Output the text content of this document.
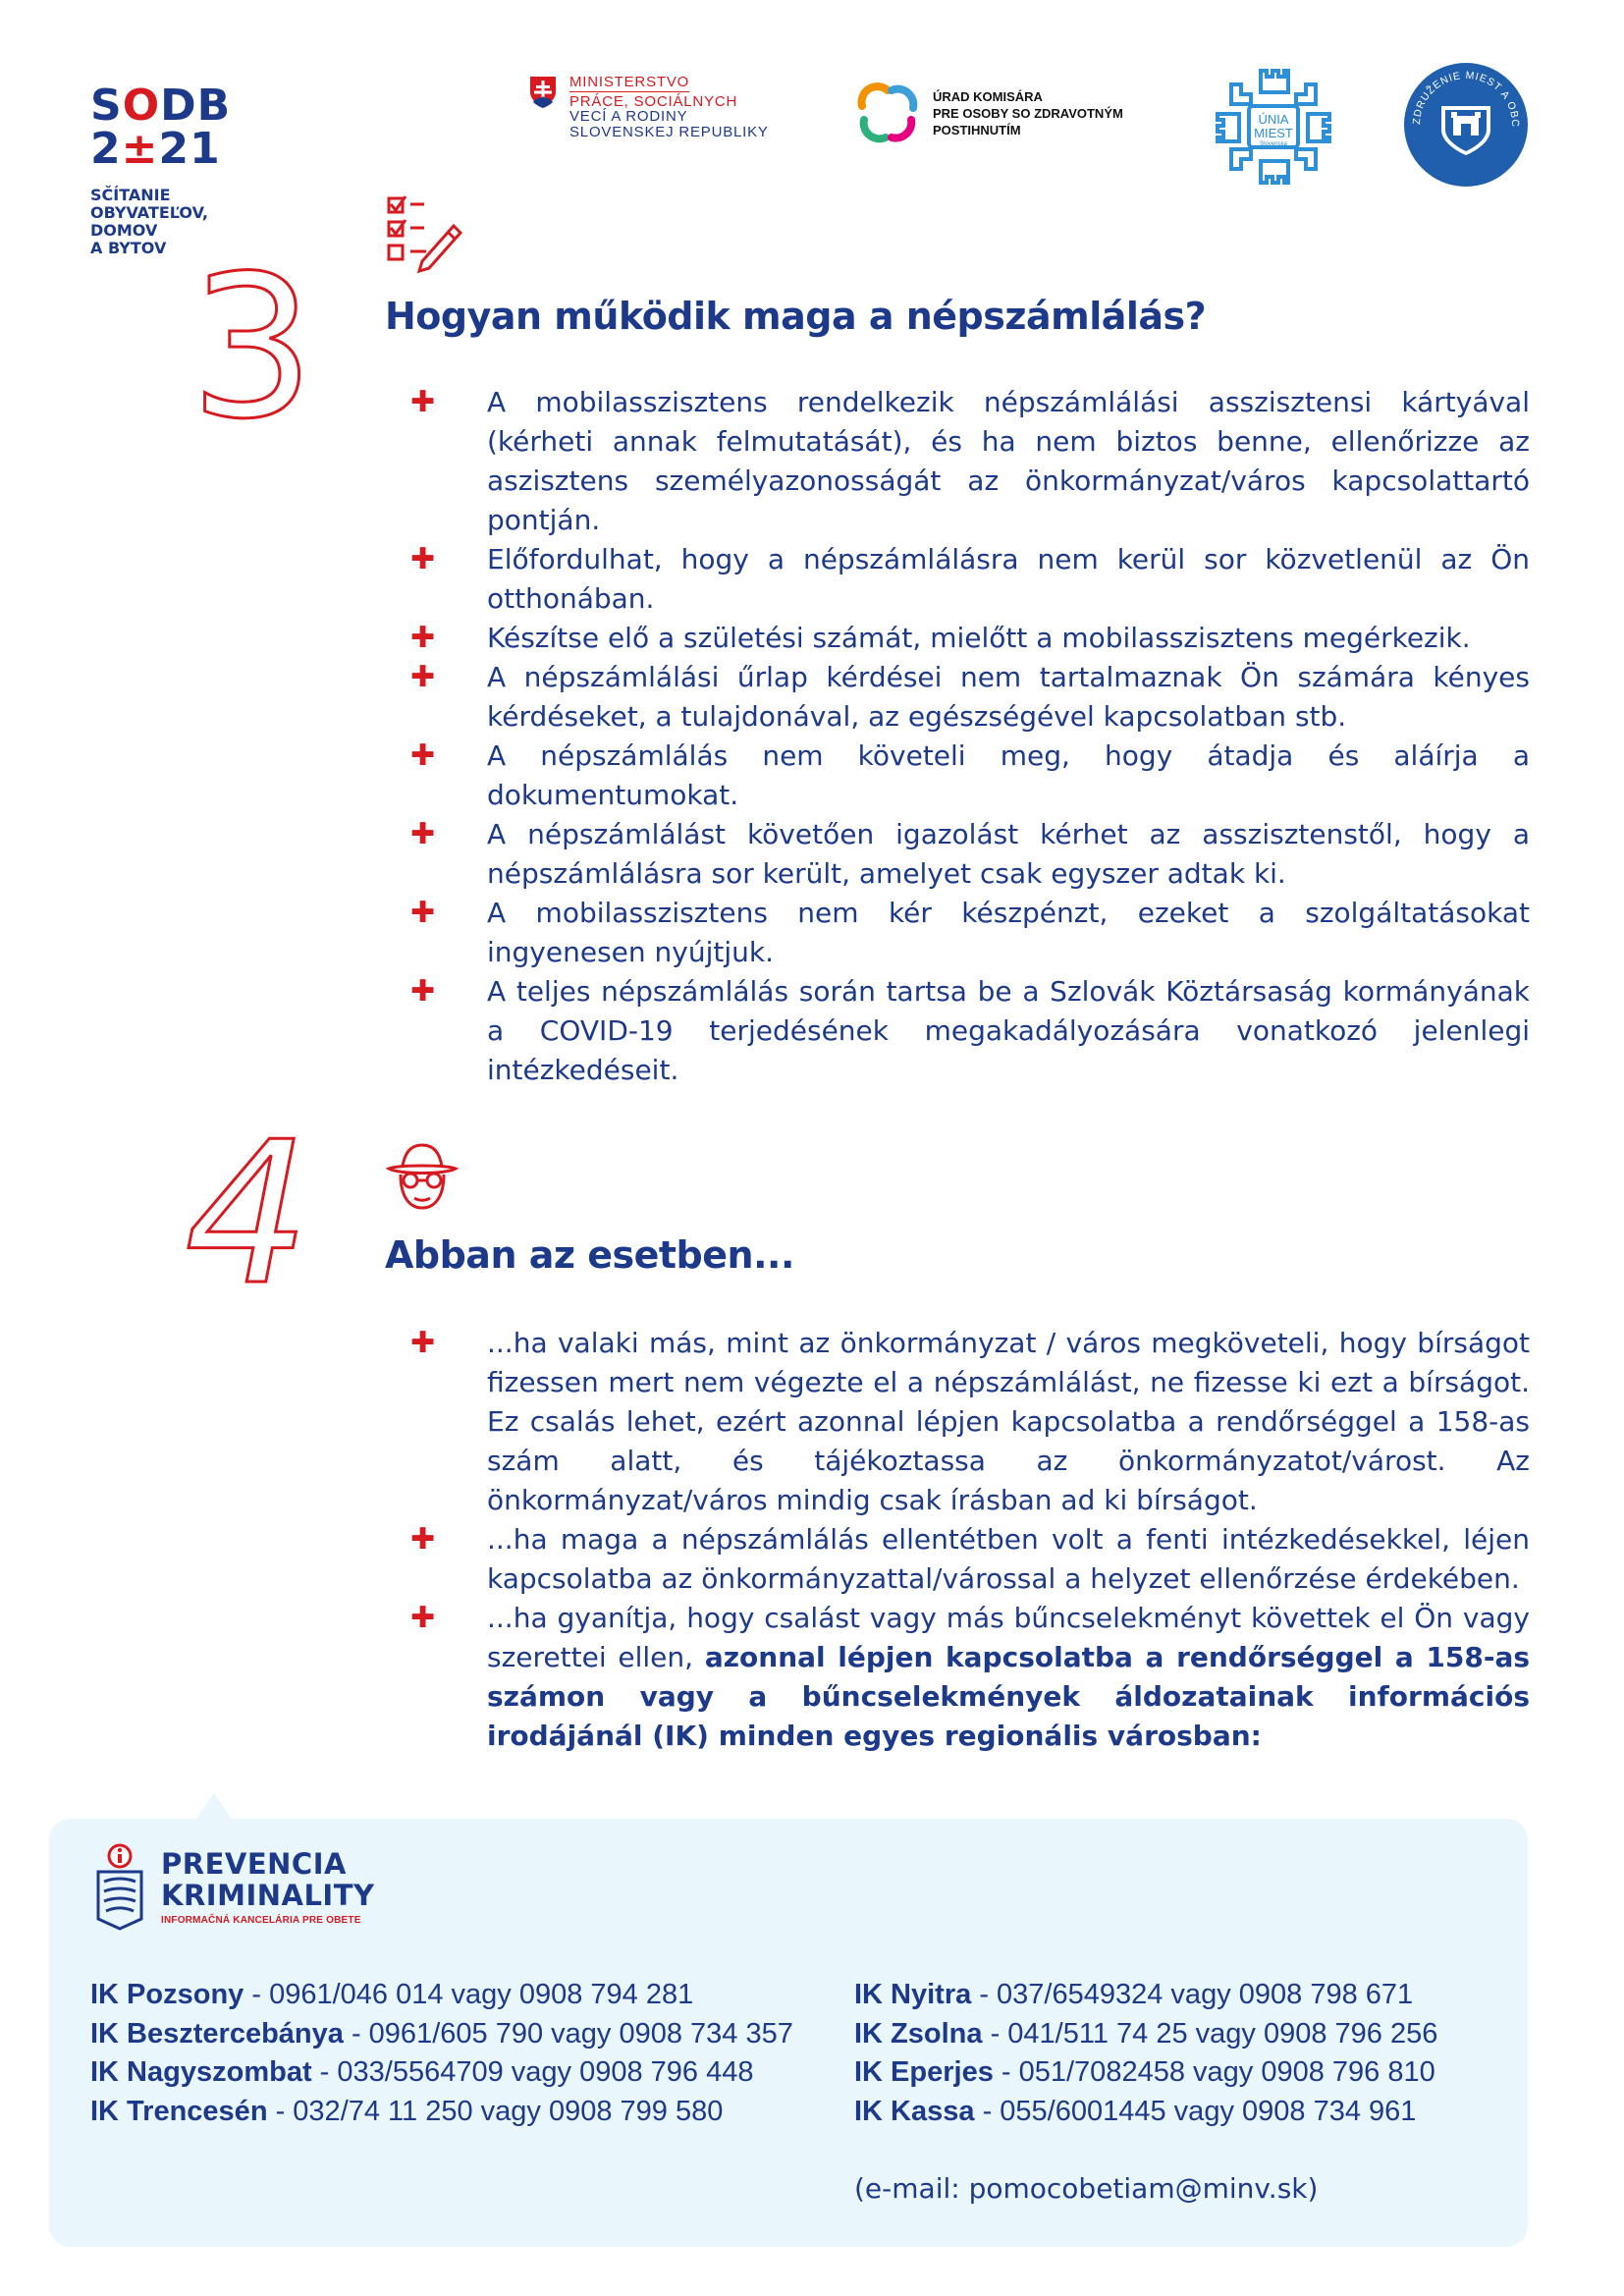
SODB
2±21
SČÍTANIE
OBYVATEĽOV,
DOMOV
A BYTOV
MINISTERSTVO
PRÁCE, SOCIÁLNYCH
VECÍ A RODINY
SLOVENSKEJ REPUBLIKY
ÚRAD KOMISÁRA
PRE OSOBY SO ZDRAVOTNÝM
POSTIHNUTÍM
ÚNIA
MIEST
Slovenska
ZDRUŽENIE MIEST A OBC
3 Hogyan működik maga a népszámlálás?
✚ A mobilasszisztens rendelkezik népszámlálási asszisztensi kártyával (kérheti annak felmutatását), és ha nem biztos benne, ellenőrizze az aszisztens személyazonosságát az önkormányzat/város kapcsolattartó pontján.
✚ Előfordulhat, hogy a népszámlálásra nem kerül sor közvetlenül az Ön otthonában.
✚ Készítse elő a születési számát, mielőtt a mobilasszisztens megérkezik.
✚ A népszámlálási űrlap kérdései nem tartalmaznak Ön számára kényes kérdéseket, a tulajdonával, az egészségével kapcsolatban stb.
✚ A népszámlálás nem követeli meg, hogy átadja és aláírja a dokumentumokat.
✚ A népszámlálást követően igazolást kérhet az asszisztenstől, hogy a népszámlálásra sor került, amelyet csak egyszer adtak ki.
✚ A mobilasszisztens nem kér készpénzt, ezeket a szolgáltatásokat ingyenesen nyújtjuk.
✚ A teljes népszámlálás során tartsa be a Szlovák Köztársaság kormányának a COVID-19 terjedésének megakadályozására vonatkozó jelenlegi intézkedéseit.
4 Abban az esetben...
✚ ...ha valaki más, mint az önkormányzat / város megköveteli, hogy bírságot fizessen mert nem végezte el a népszámlálást, ne fizesse ki ezt a bírságot. Ez csalás lehet, ezért azonnal lépjen kapcsolatba a rendőrséggel a 158-as szám alatt, és tájékoztassa az önkormányzatot/várost. Az önkormányzat/város mindig csak írásban ad ki bírságot.
✚ ...ha maga a népszámlálás ellentétben volt a fenti intézkedésekkel, léjen kapcsolatba az önkormányzattal/várossal a helyzet ellenőrzése érdekében.
✚ ...ha gyanítja, hogy csalást vagy más bűncselekményt követtek el Ön vagy szerettei ellen, azonnal lépjen kapcsolatba a rendőrséggel a 158-as számon vagy a bűncselekmények áldozatainak információs irodájánál (IK) minden egyes regionális városban:
PREVENCIA
KRIMINALITY
INFORMAČNÁ KANCELÁRIA PRE OBETE
IK Pozsony - 0961/046 014 vagy 0908 794 281
IK Besztercebánya - 0961/605 790 vagy 0908 734 357
IK Nagyszombat - 033/5564709 vagy 0908 796 448
IK Trencesén - 032/74 11 250 vagy 0908 799 580
IK Nyitra - 037/6549324 vagy 0908 798 671
IK Zsolna - 041/511 74 25 vagy 0908 796 256
IK Eperjes - 051/7082458 vagy 0908 796 810
IK Kassa - 055/6001445 vagy 0908 734 961
(e-mail: pomocobetiam@minv.sk)
